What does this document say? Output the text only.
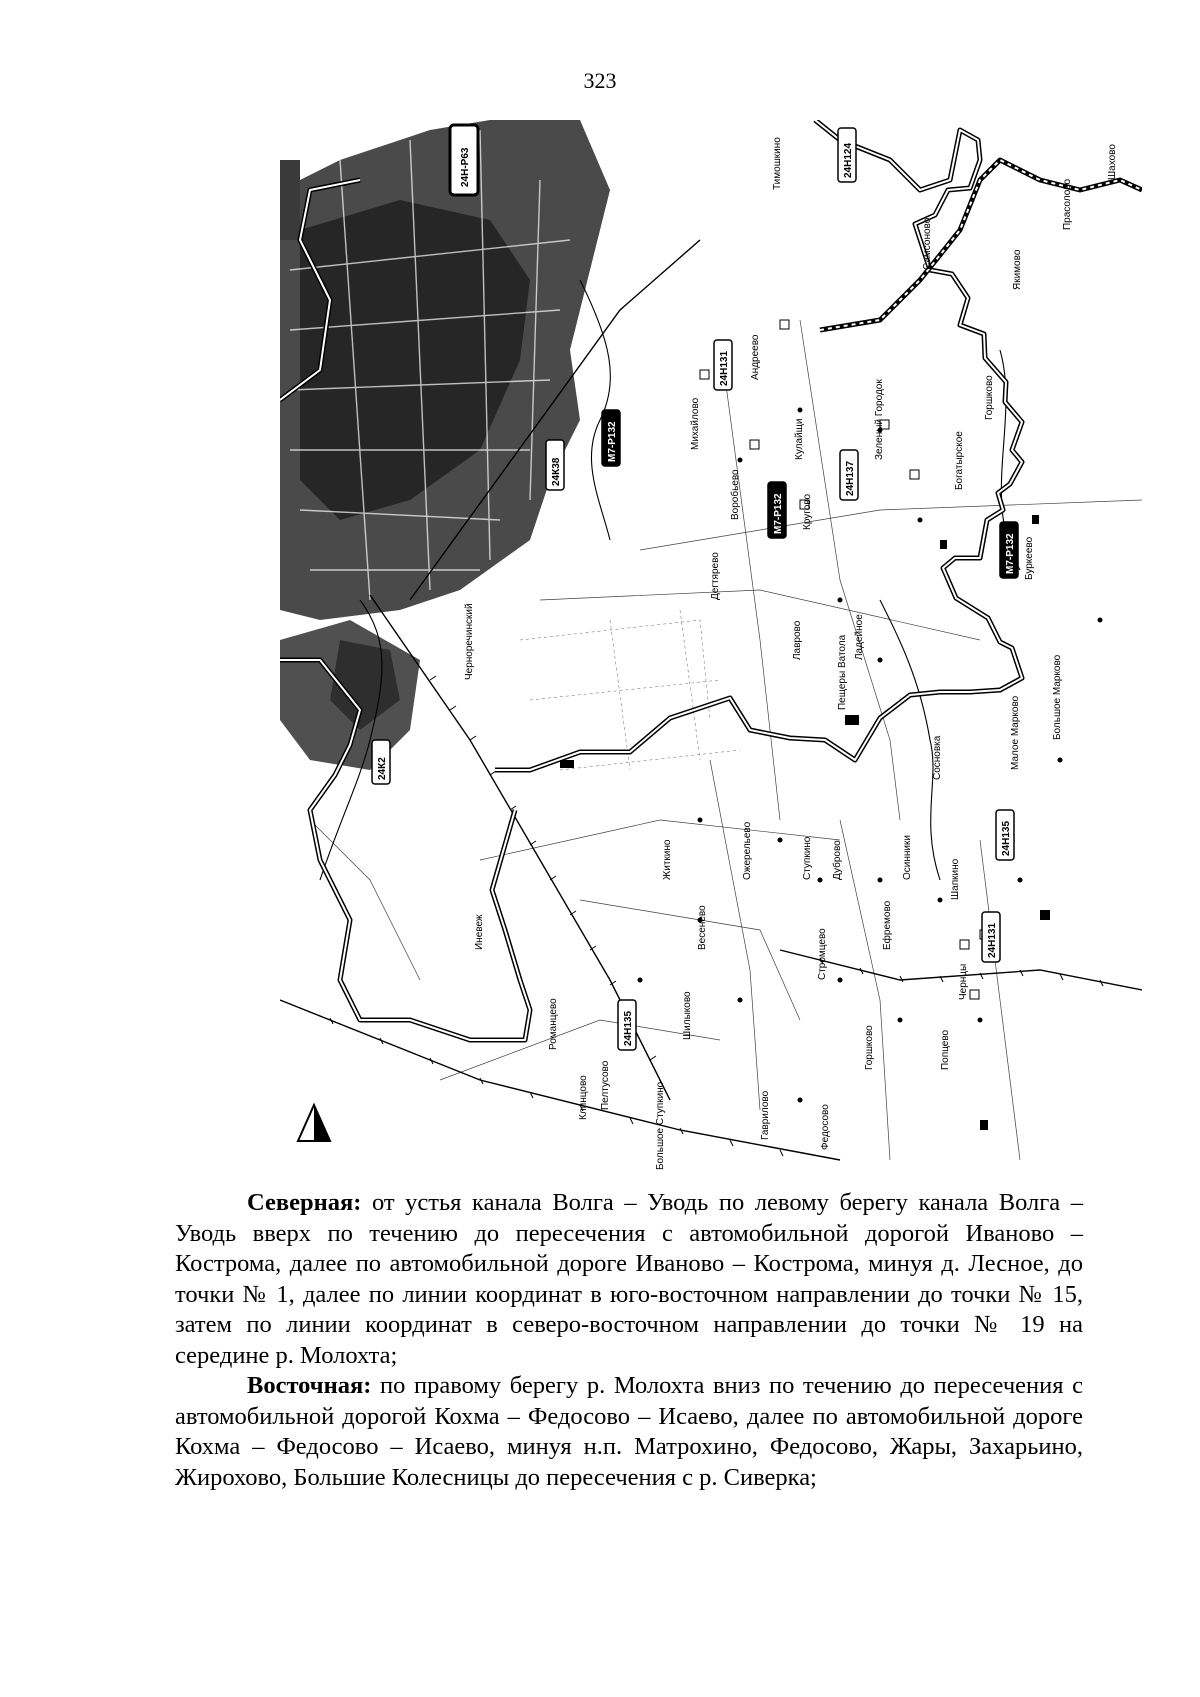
323
24Н-Р63	24Н124
24Н131
24Н137
24К38
М7-Р132
М7-Р132
М7-Р132
24Н135
24Н135
24Н131
24К2
Тимошкино
Андреево
Воробьево
Михайлово
Дегтярево
Кулайщи	Зеленый Городок
Богатырское
Горшково
Самсоново	Якимово
Прасолово
Шахово
Кругово
Лаврово
Ступкино
Ожерельево
Житкино
Весенево	Ефремово
Стромцево
Горшково	Попцево
Осинники	Шапкино
Пещеры Ватола
Черноречинский
Иневеж
Клинцово Пелтусово
Романцево
Большое Марково
Федосово
Сосновка	Малое Марково
Дуброво
Шилыково
Ладейное
Гаврилово
Большое Ступкино
Чернцы
Буркеево

Северная: от устья канала Волга – Уводь по левому берегу канала Волга – Уводь вверх по течению до пересечения с автомобильной дорогой Иваново – Кострома, далее по автомобильной дороге Иваново – Кострома, минуя д. Лесное, до точки № 1, далее по линии координат в юго-восточном направлении до точки № 15, затем по линии координат в северо-восточном направлении до точки № 19 на середине р. Молохта;

Восточная: по правому берегу р. Молохта вниз по течению до пересечения с автомобильной дорогой Кохма – Федосово – Исаево, далее по автомобильной дороге Кохма – Федосово – Исаево, минуя н.п. Матрохино, Федосово, Жары, Захарьино, Жирохово, Большие Колесницы до пересечения с р. Сиверка;
